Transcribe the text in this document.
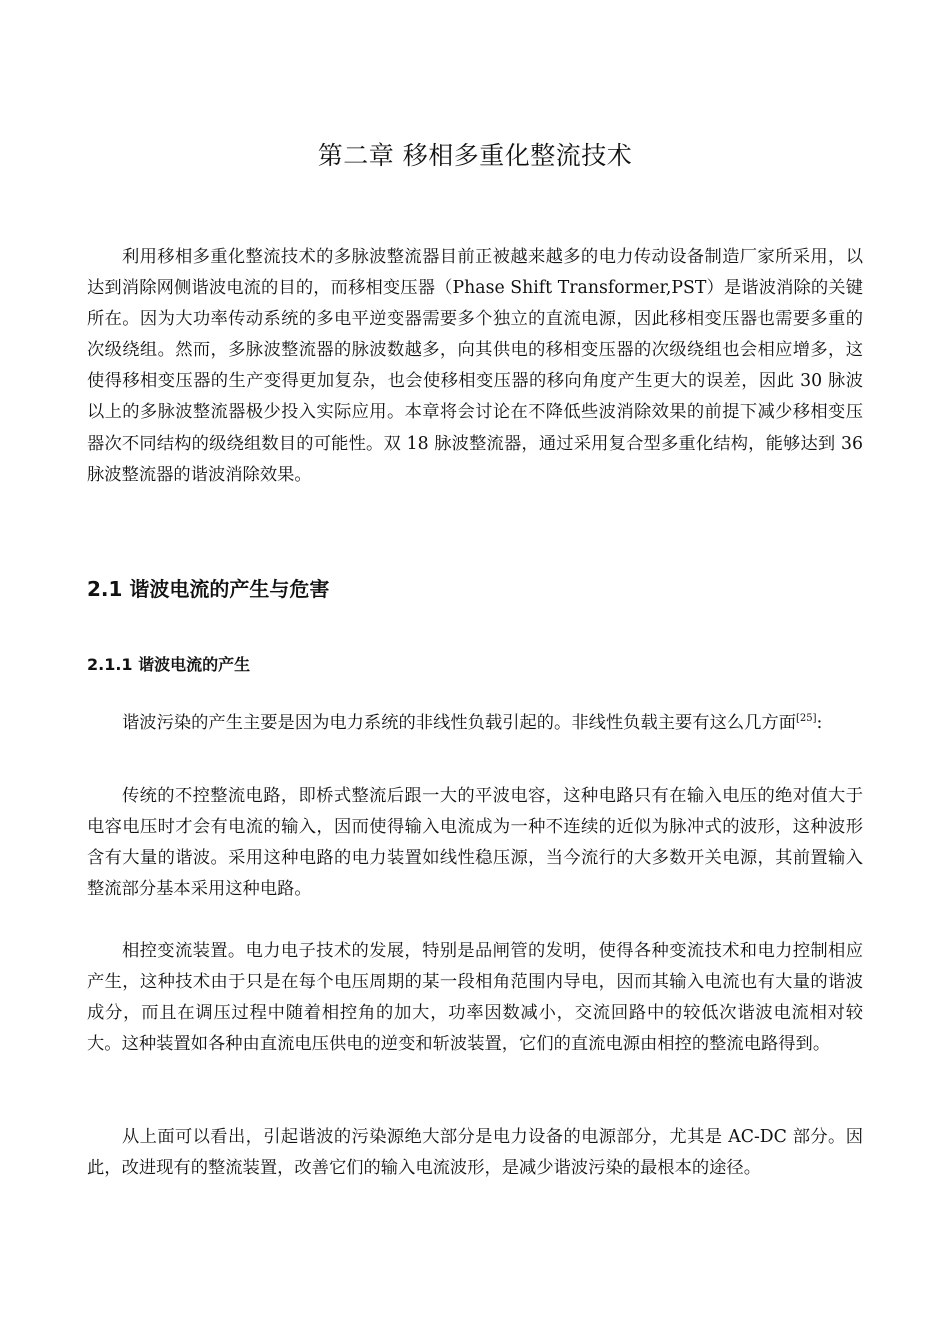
第二章 移相多重化整流技术

利用移相多重化整流技术的多脉波整流器目前正被越来越多的电力传动设备制造厂家所采用，以达到消除网侧谐波电流的目的，而移相变压器（Phase Shift Transformer,PST）是谐波消除的关键所在。因为大功率传动系统的多电平逆变器需要多个独立的直流电源，因此移相变压器也需要多重的次级绕组。然而，多脉波整流器的脉波数越多，向其供电的移相变压器的次级绕组也会相应增多，这使得移相变压器的生产变得更加复杂，也会使移相变压器的移向角度产生更大的误差，因此 30 脉波以上的多脉波整流器极少投入实际应用。本章将会讨论在不降低些波消除效果的前提下减少移相变压器次不同结构的级绕组数目的可能性。双 18 脉波整流器，通过采用复合型多重化结构，能够达到 36 脉波整流器的谐波消除效果。

2.1 谐波电流的产生与危害
2.1.1 谐波电流的产生

谐波污染的产生主要是因为电力系统的非线性负载引起的。非线性负载主要有这么几方面[25]:

传统的不控整流电路，即桥式整流后跟一大的平波电容，这种电路只有在输入电压的绝对值大于电容电压时才会有电流的输入，因而使得输入电流成为一种不连续的近似为脉冲式的波形，这种波形含有大量的谐波。采用这种电路的电力装置如线性稳压源，当今流行的大多数开关电源，其前置输入整流部分基本采用这种电路。

相控变流装置。电力电子技术的发展，特别是品闸管的发明，使得各种变流技术和电力控制相应产生，这种技术由于只是在每个电压周期的某一段相角范围内导电，因而其输入电流也有大量的谐波成分，而且在调压过程中随着相控角的加大，功率因数减小，交流回路中的较低次谐波电流相对较大。这种装置如各种由直流电压供电的逆变和斩波装置，它们的直流电源由相控的整流电路得到。

从上面可以看出，引起谐波的污染源绝大部分是电力设备的电源部分，尤其是 AC-DC 部分。因此，改进现有的整流装置，改善它们的输入电流波形，是减少谐波污染的最根本的途径。
